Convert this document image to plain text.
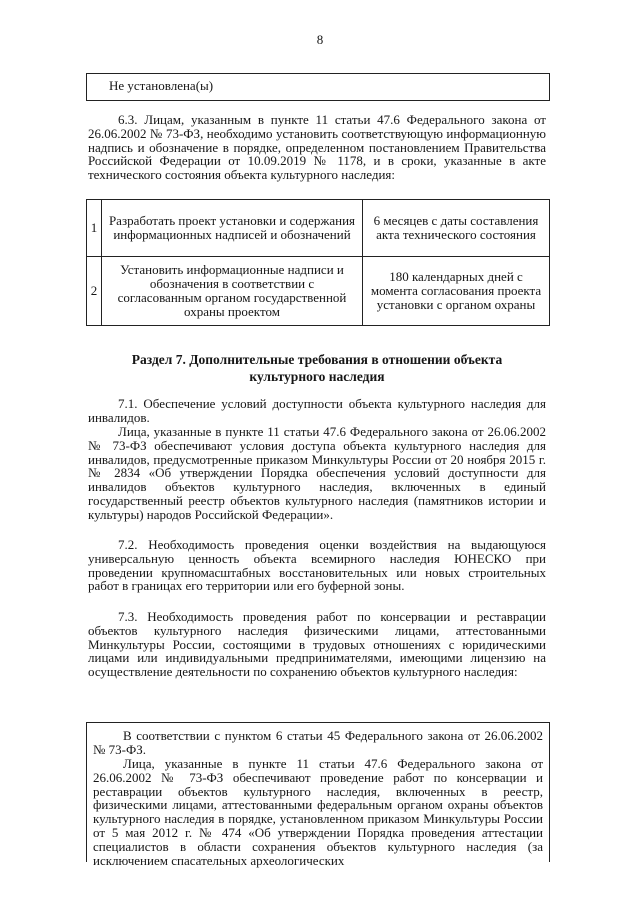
8

Не установлена(ы)

6.3. Лицам, указанным в пункте 11 статьи 47.6 Федерального закона от 26.06.2002 № 73-ФЗ, необходимо установить соответствующую информационную надпись и обозначение в порядке, определенном постановлением Правительства Российской Федерации от 10.09.2019 № 1178, и в сроки, указанные в акте технического состояния объекта культурного наследия:

1	Разработать проект установки и содержания информационных надписей и обозначений	6 месяцев с даты составления акта технического состояния
2	Установить информационные надписи и обозначения в соответствии с согласованным органом государственной охраны проектом	180 календарных дней с момента согласования проекта установки с органом охраны
Раздел 7. Дополнительные требования в отношении объекта
культурного наследия

7.1. Обеспечение условий доступности объекта культурного наследия для инвалидов.

Лица, указанные в пункте 11 статьи 47.6 Федерального закона от 26.06.2002 № 73-ФЗ обеспечивают условия доступа объекта культурного наследия для инвалидов, предусмотренные приказом Минкультуры России от 20 ноября 2015 г. № 2834 «Об утверждении Порядка обеспечения условий доступности для инвалидов объектов культурного наследия, включенных в единый государственный реестр объектов культурного наследия (памятников истории и культуры) народов Российской Федерации».

7.2. Необходимость проведения оценки воздействия на выдающуюся универсальную ценность объекта всемирного наследия ЮНЕСКО при проведении крупномасштабных восстановительных или новых строительных работ в границах его территории или его буферной зоны.

7.3. Необходимость проведения работ по консервации и реставрации объектов культурного наследия физическими лицами, аттестованными Минкультуры России, состоящими в трудовых отношениях с юридическими лицами или индивидуальными предпринимателями, имеющими лицензию на осуществление деятельности по сохранению объектов культурного наследия:

В соответствии с пунктом 6 статьи 45 Федерального закона от 26.06.2002 № 73-ФЗ.

Лица, указанные в пункте 11 статьи 47.6 Федерального закона от 26.06.2002 № 73-ФЗ обеспечивают проведение работ по консервации и реставрации объектов культурного наследия, включенных в реестр, физическими лицами, аттестованными федеральным органом охраны объектов культурного наследия в порядке, установленном приказом Минкультуры России от 5 мая 2012 г. № 474 «Об утверждении Порядка проведения аттестации специалистов в области сохранения объектов культурного наследия (за исключением спасательных археологических
